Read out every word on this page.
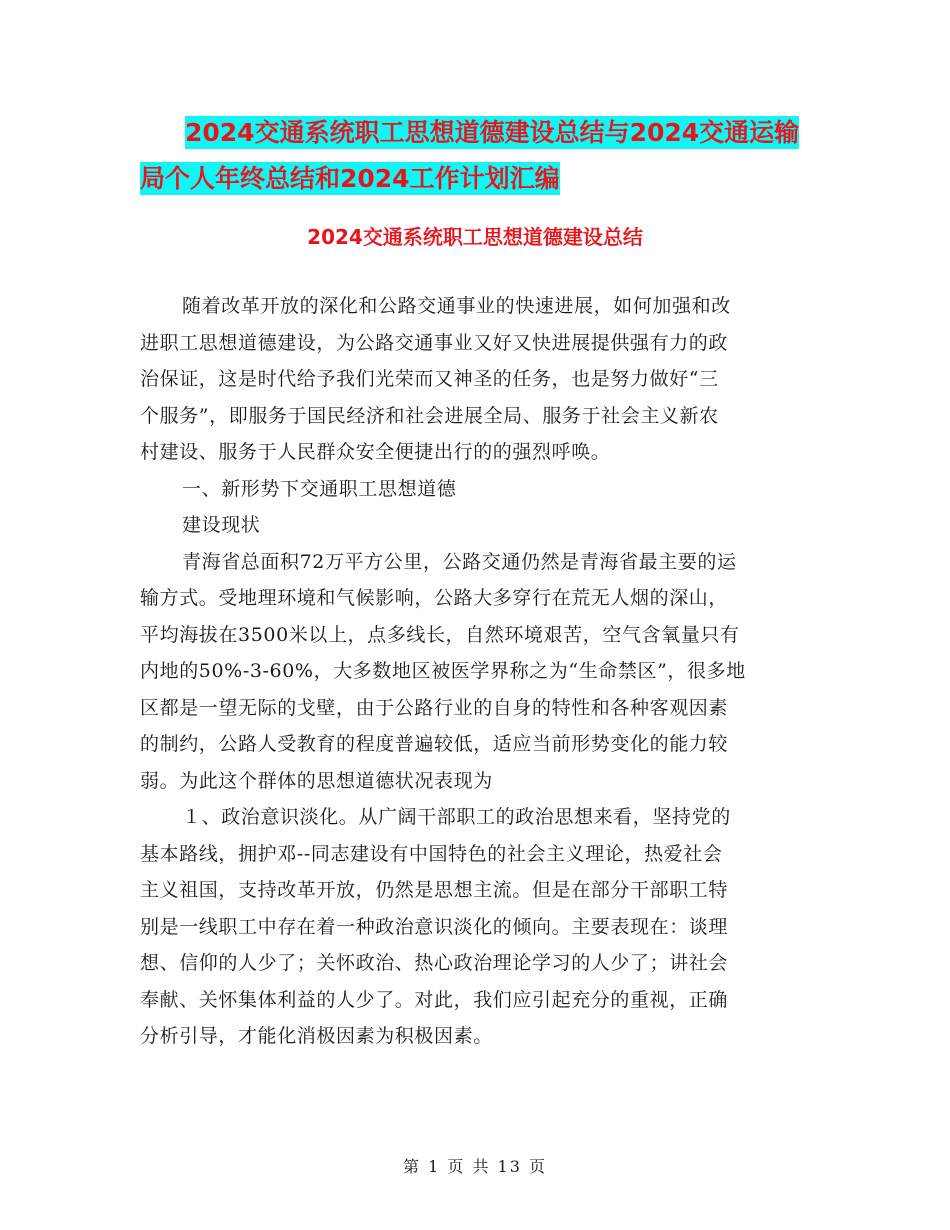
2024交通系统职工思想道德建设总结与2024交通运输
局个人年终总结和2024工作计划汇编
2024交通系统职工思想道德建设总结
随着改革开放的深化和公路交通事业的快速进展，如何加强和改
进职工思想道德建设，为公路交通事业又好又快进展提供强有力的政
治保证，这是时代给予我们光荣而又神圣的任务，也是努力做好“三
个服务”，即服务于国民经济和社会进展全局、服务于社会主义新农
村建设、服务于人民群众安全便捷出行的的强烈呼唤。
一、新形势下交通职工思想道德
建设现状
青海省总面积72万平方公里，公路交通仍然是青海省最主要的运
输方式。受地理环境和气候影响，公路大多穿行在荒无人烟的深山，
平均海拔在3500米以上，点多线长，自然环境艰苦，空气含氧量只有
内地的50%-3-60%，大多数地区被医学界称之为“生命禁区”，很多地
区都是一望无际的戈壁，由于公路行业的自身的特性和各种客观因素
的制约，公路人受教育的程度普遍较低，适应当前形势变化的能力较
弱。为此这个群体的思想道德状况表现为
１、政治意识淡化。从广阔干部职工的政治思想来看，坚持党的
基本路线，拥护邓--同志建设有中国特色的社会主义理论，热爱社会
主义祖国，支持改革开放，仍然是思想主流。但是在部分干部职工特
别是一线职工中存在着一种政治意识淡化的倾向。主要表现在：谈理
想、信仰的人少了；关怀政治、热心政治理论学习的人少了；讲社会
奉献、关怀集体利益的人少了。对此，我们应引起充分的重视，正确
分析引导，才能化消极因素为积极因素。
第 1 页 共 13 页
